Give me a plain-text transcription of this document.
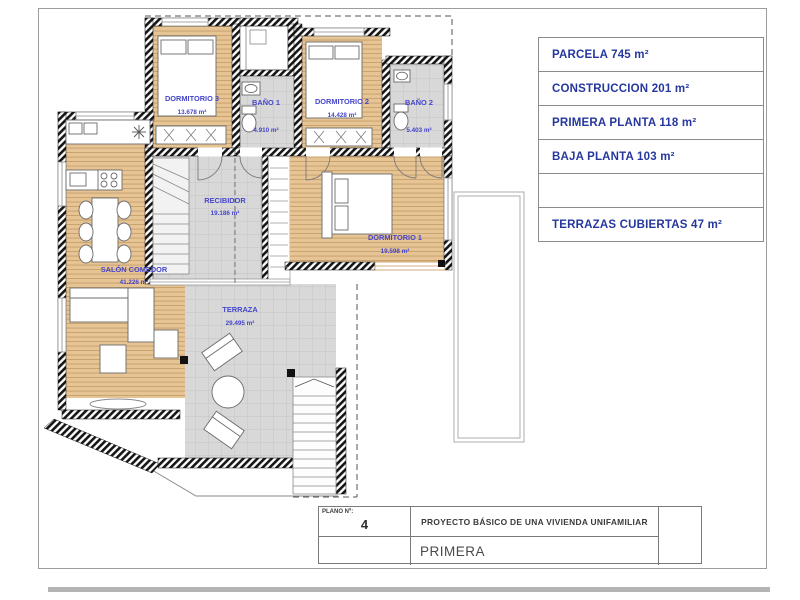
DORMITORIO 3
13.678 m²
BAÑO 1
4.910 m²
DORMITORIO 2
14.428 m²
BAÑO 2
5.403 m²
RECIBIDOR
19.186 m²
DORMITORIO 1
19.598 m²
SALÓN COMEDOR
41.226 m²
TERRAZA
29.495 m²
PARCELA 745 m²
CONSTRUCCION 201 m²
PRIMERA PLANTA 118 m²
BAJA PLANTA 103 m²
TERRAZAS CUBIERTAS 47 m²
PLANO Nº:
4	PROYECTO BÁSICO DE UNA VIVIENDA UNIFAMILIAR
PRIMERA
